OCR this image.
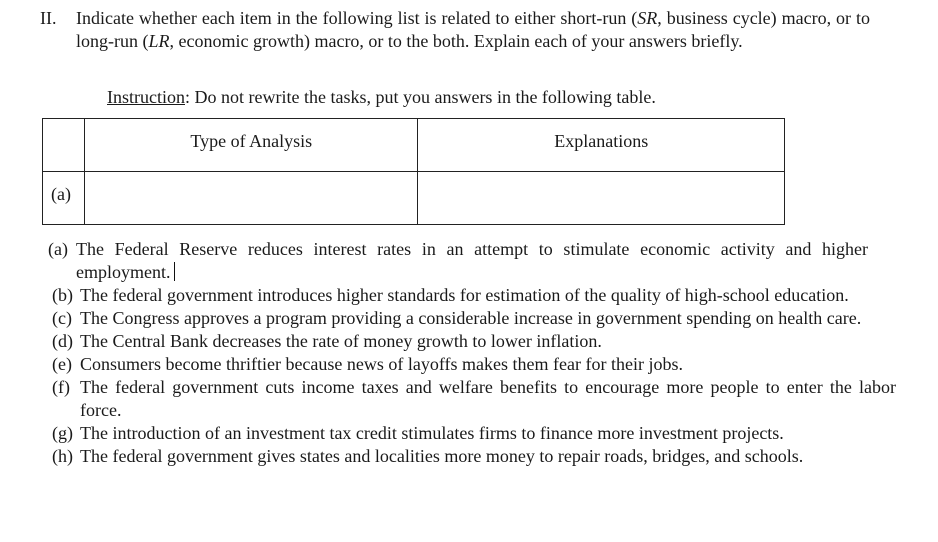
II. Indicate whether each item in the following list is related to either short-run (SR, business cycle) macro, or to long-run (LR, economic growth) macro, or to the both. Explain each of your answers briefly.
Instruction: Do not rewrite the tasks, put you answers in the following table.
	Type of Analysis	Explanations
(a)		
(a) The Federal Reserve reduces interest rates in an attempt to stimulate economic activity and higher employment.
(b) The federal government introduces higher standards for estimation of the quality of high-school education.
(c) The Congress approves a program providing a considerable increase in government spending on health care.
(d) The Central Bank decreases the rate of money growth to lower inflation.
(e) Consumers become thriftier because news of layoffs makes them fear for their jobs.
(f) The federal government cuts income taxes and welfare benefits to encourage more people to enter the labor force.
(g) The introduction of an investment tax credit stimulates firms to finance more investment projects.
(h) The federal government gives states and localities more money to repair roads, bridges, and schools.
